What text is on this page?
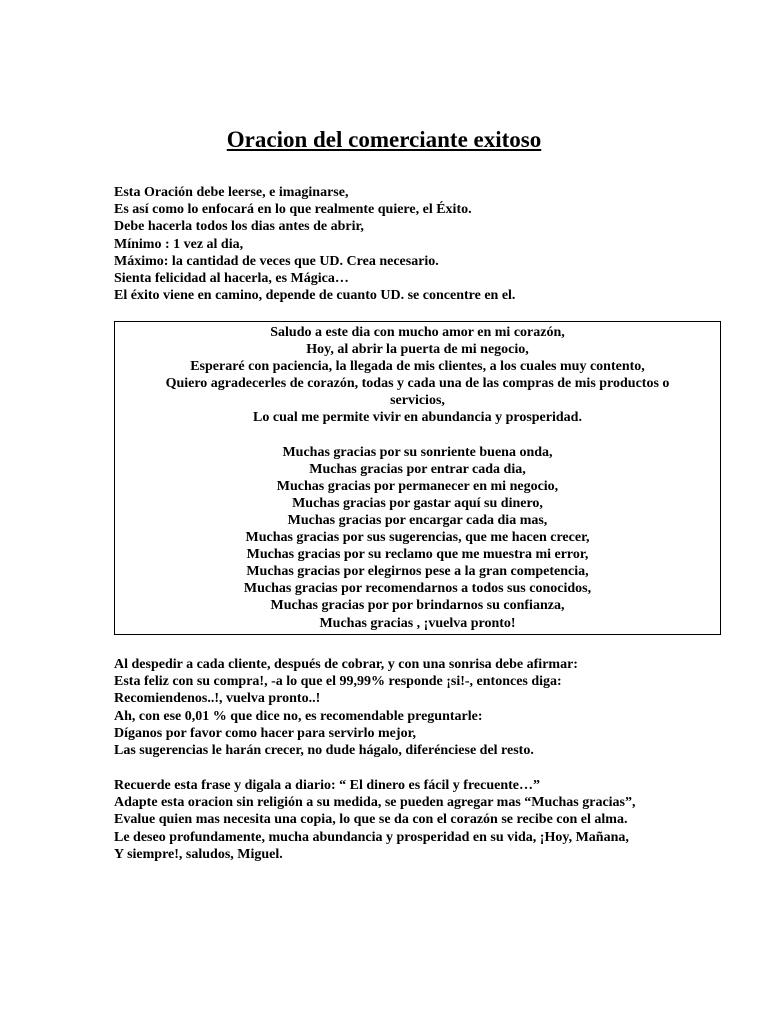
Oracion del comerciante exitoso
Esta Oración debe leerse, e imaginarse,
Es así como lo enfocará en lo que realmente quiere, el Éxito.
Debe hacerla todos los dias antes de abrir,
Mínimo : 1 vez al dia,
Máximo: la cantidad de veces que UD. Crea necesario.
Sienta felicidad al hacerla, es Mágica…
El éxito viene en camino, depende de cuanto UD. se concentre en el.
Saludo a este dia con mucho amor en mi corazón,
Hoy, al abrir la puerta de mi negocio,
Esperaré con paciencia, la llegada de mis clientes, a los cuales muy contento,
Quiero agradecerles de corazón, todas y cada una de las compras de mis productos o
servicios,
Lo cual me permite vivir en abundancia y prosperidad.
Muchas gracias por su sonriente buena onda,
Muchas gracias por entrar cada dia,
Muchas gracias por permanecer en mi negocio,
Muchas gracias por gastar aquí su dinero,
Muchas gracias por encargar cada dia mas,
Muchas gracias por sus sugerencias, que me hacen crecer,
Muchas gracias por su reclamo que me muestra mi error,
Muchas gracias por elegirnos pese a la gran competencia,
Muchas gracias por recomendarnos a todos sus conocidos,
Muchas gracias por por brindarnos su confianza,
Muchas gracias , ¡vuelva pronto!
Al despedir a cada cliente, después de cobrar, y con una sonrisa debe afirmar:
Esta feliz con su compra!, -a lo que el 99,99% responde ¡si!-, entonces diga:
Recomiendenos..!, vuelva pronto..!
Ah, con ese 0,01 % que dice no, es recomendable preguntarle:
Díganos por favor como hacer para servirlo mejor,
Las sugerencias le harán crecer, no dude hágalo, diferénciese del resto.
Recuerde esta frase y digala a diario: “ El dinero es fácil y frecuente…”
Adapte esta oracion sin religión a su medida, se pueden agregar mas “Muchas gracias”,
Evalue quien mas necesita una copia, lo que se da con el corazón se recibe con el alma.
Le deseo profundamente, mucha abundancia y prosperidad en su vida, ¡Hoy, Mañana,
Y siempre!, saludos, Miguel.
